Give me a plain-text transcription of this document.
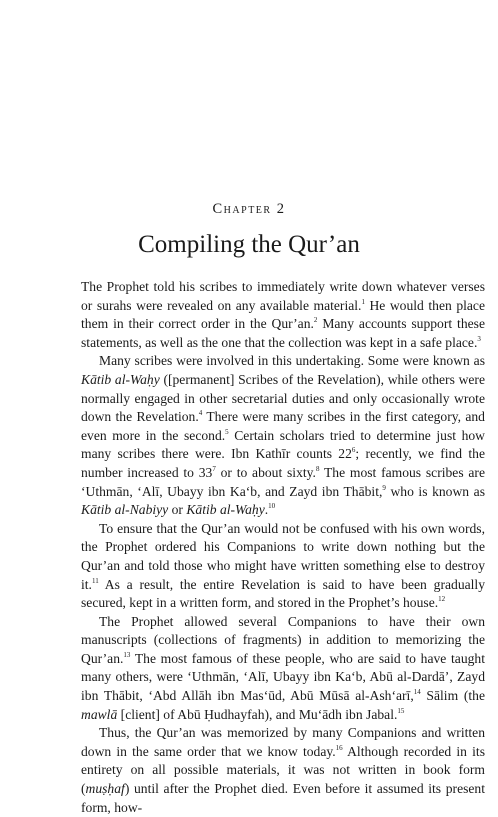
Chapter 2
Compiling the Qur’an

The Prophet told his scribes to immediately write down whatever verses or surahs were revealed on any available material.$^1$ He would then place them in their correct order in the Qur’an.$^2$ Many accounts support these statements, as well as the one that the collection was kept in a safe place.$^3$

Many scribes were involved in this undertaking. Some were known as Kātib al-Waḥy ([permanent] Scribes of the Revelation), while others were normally engaged in other secretarial duties and only occasionally wrote down the Revelation.$^4$ There were many scribes in the first category, and even more in the second.$^5$ Certain scholars tried to determine just how many scribes there were. Ibn Kathīr counts $22^6$; recently, we find the number increased to $33^7$ or to about sixty.$^8$ The most famous scribes are ‘Uthmān, ‘Alī, Ubayy ibn Ka‘b, and Zayd ibn Thābit,$^9$ who is known as Kātib al-Nabiyy or Kātib al-Waḥy.$^{10}$

To ensure that the Qur’an would not be confused with his own words, the Prophet ordered his Companions to write down nothing but the Qur’an and told those who might have written something else to destroy it.$^{11}$ As a result, the entire Revelation is said to have been gradually secured, kept in a written form, and stored in the Prophet’s house.$^{12}$

The Prophet allowed several Companions to have their own manuscripts (collections of fragments) in addition to memorizing the Qur’an.$^{13}$ The most famous of these people, who are said to have taught many others, were ‘Uthmān, ‘Alī, Ubayy ibn Ka‘b, Abū al-Dardā’, Zayd ibn Thābit, ‘Abd Allāh ibn Mas‘ūd, Abū Mūsā al-Ash‘arī,$^{14}$ Sālim (the mawlā [client] of Abū Ḥudhayfah), and Mu‘ādh ibn Jabal.$^{15}$

Thus, the Qur’an was memorized by many Companions and written down in the same order that we know today.$^{16}$ Although recorded in its entirety on all possible materials, it was not written in book form (muṣḥaf) until after the Prophet died. Even before it assumed its present form, how-
